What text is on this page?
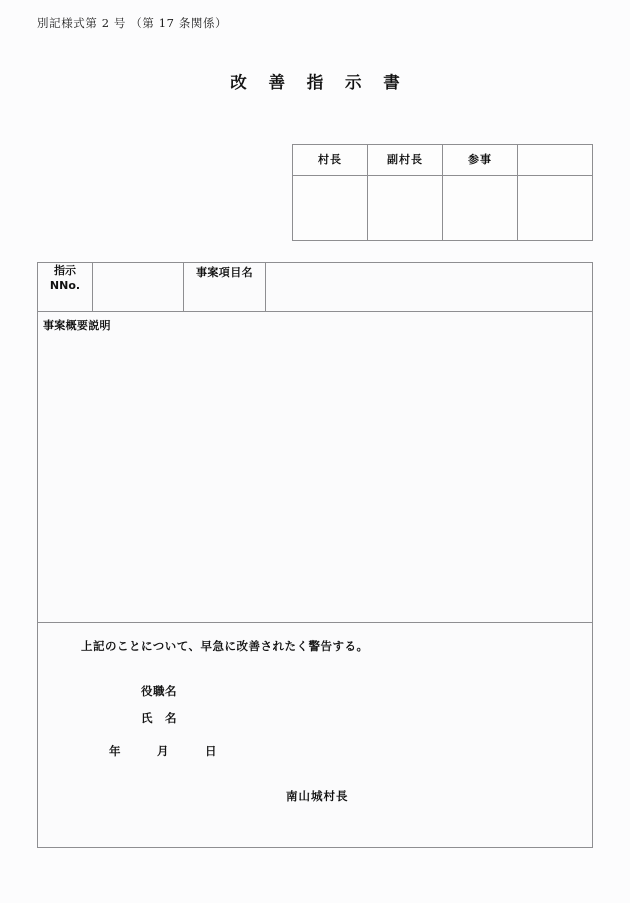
別記様式第 2 号 （第 17 条関係）
改 善 指 示 書
村長	副村長	参事	

指示
NNo.		事案項目名	

事案概要説明

上記のことについて、早急に改善されたく警告する。
役職名
氏　名
年　　　月　　　日
南山城村長
